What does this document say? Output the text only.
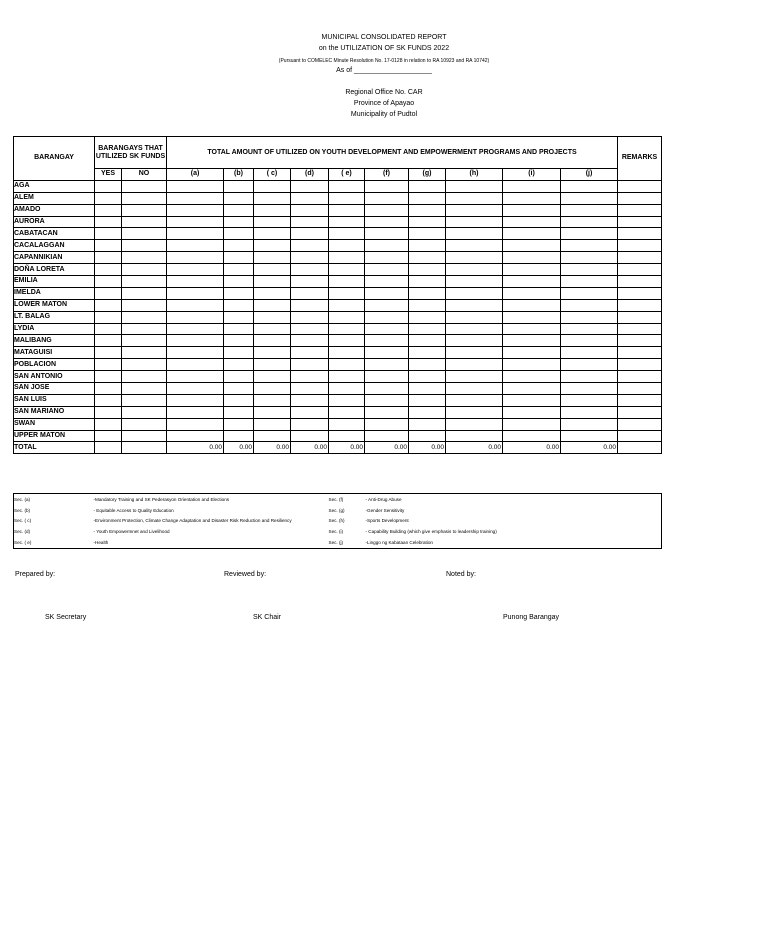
MUNICIPAL CONSOLIDATED REPORT
on the UTILIZATION OF SK FUNDS 2022
(Pursuant to COMELEC Minute Resolution No. 17-0128 in relation to RA 10923 and RA 10742)
As of ____________________
Regional Office No. CAR
Province of Apayao
Municipality of Pudtol
BARANGAY	BARANGAYS THAT UTILIZED SK FUNDS		TOTAL AMOUNT OF UTILIZED ON YOUTH DEVELOPMENT AND EMPOWERMENT PROGRAMS AND PROJECTS										REMARKS
	YES	NO	(a)	(b)	( c)	(d)	( e)	(f)	(g)	(h)	(i)	(j)	
AGA													
ALEM													
AMADO													
AURORA													
CABATACAN													
CACALAGGAN													
CAPANNIKIAN													
DOÑA LORETA													
EMILIA													
IMELDA													
LOWER MATON													
LT. BALAG													
LYDIA													
MALIBANG													
MATAGUISI													
POBLACION													
SAN ANTONIO													
SAN JOSE													
SAN LUIS													
SAN MARIANO													
SWAN													
UPPER MATON													
TOTAL			0.00	0.00	0.00	0.00	0.00	0.00	0.00	0.00	0.00	0.00	
Sec. (a)	-Mandatory Training and SK Pederasyon Orientation and Elections	Sec. (f)	- Anti-Drug Abuse
Sec. (b)	- Equitable Access to Quality Education	Sec. (g)	-Gender Sensitivity
Sec. ( c)	-Environment Protection, Climate Change Adaptation and Disaster Risk Reduction and Resiliency	Sec. (h)	-Sports Development
Sec. (d)	- Youth Empowermnet and Livelihood	Sec. (i)	- Capability Building (which give emphasis to leadership training)
Sec. ( e)	-Health	Sec. (j)	-Linggo ng Kabataan Celebration
Prepared by:	Reviewed by:	Noted by:
SK Secretary	SK Chair	Punong Barangay
